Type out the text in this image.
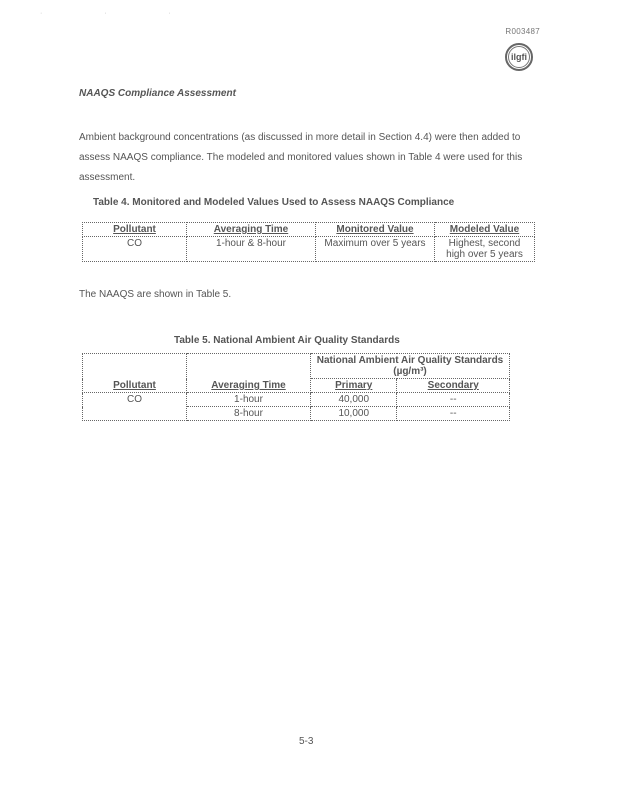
· · ·
R003487
ilgfi
NAAQS Compliance Assessment
Ambient background concentrations (as discussed in more detail in Section 4.4) were then added to assess NAAQS compliance. The modeled and monitored values shown in Table 4 were used for this assessment.
Table 4. Monitored and Modeled Values Used to Assess NAAQS Compliance
Pollutant	Averaging Time	Monitored Value	Modeled Value
CO	1-hour & 8-hour	Maximum over 5 years	Highest, second high over 5 years
The NAAQS are shown in Table 5.
Table 5. National Ambient Air Quality Standards
Pollutant	Averaging Time	National Ambient Air Quality Standards (µg/m³)	
		Primary	Secondary
CO	1-hour	40,000	--
	8-hour	10,000	--
5-3
